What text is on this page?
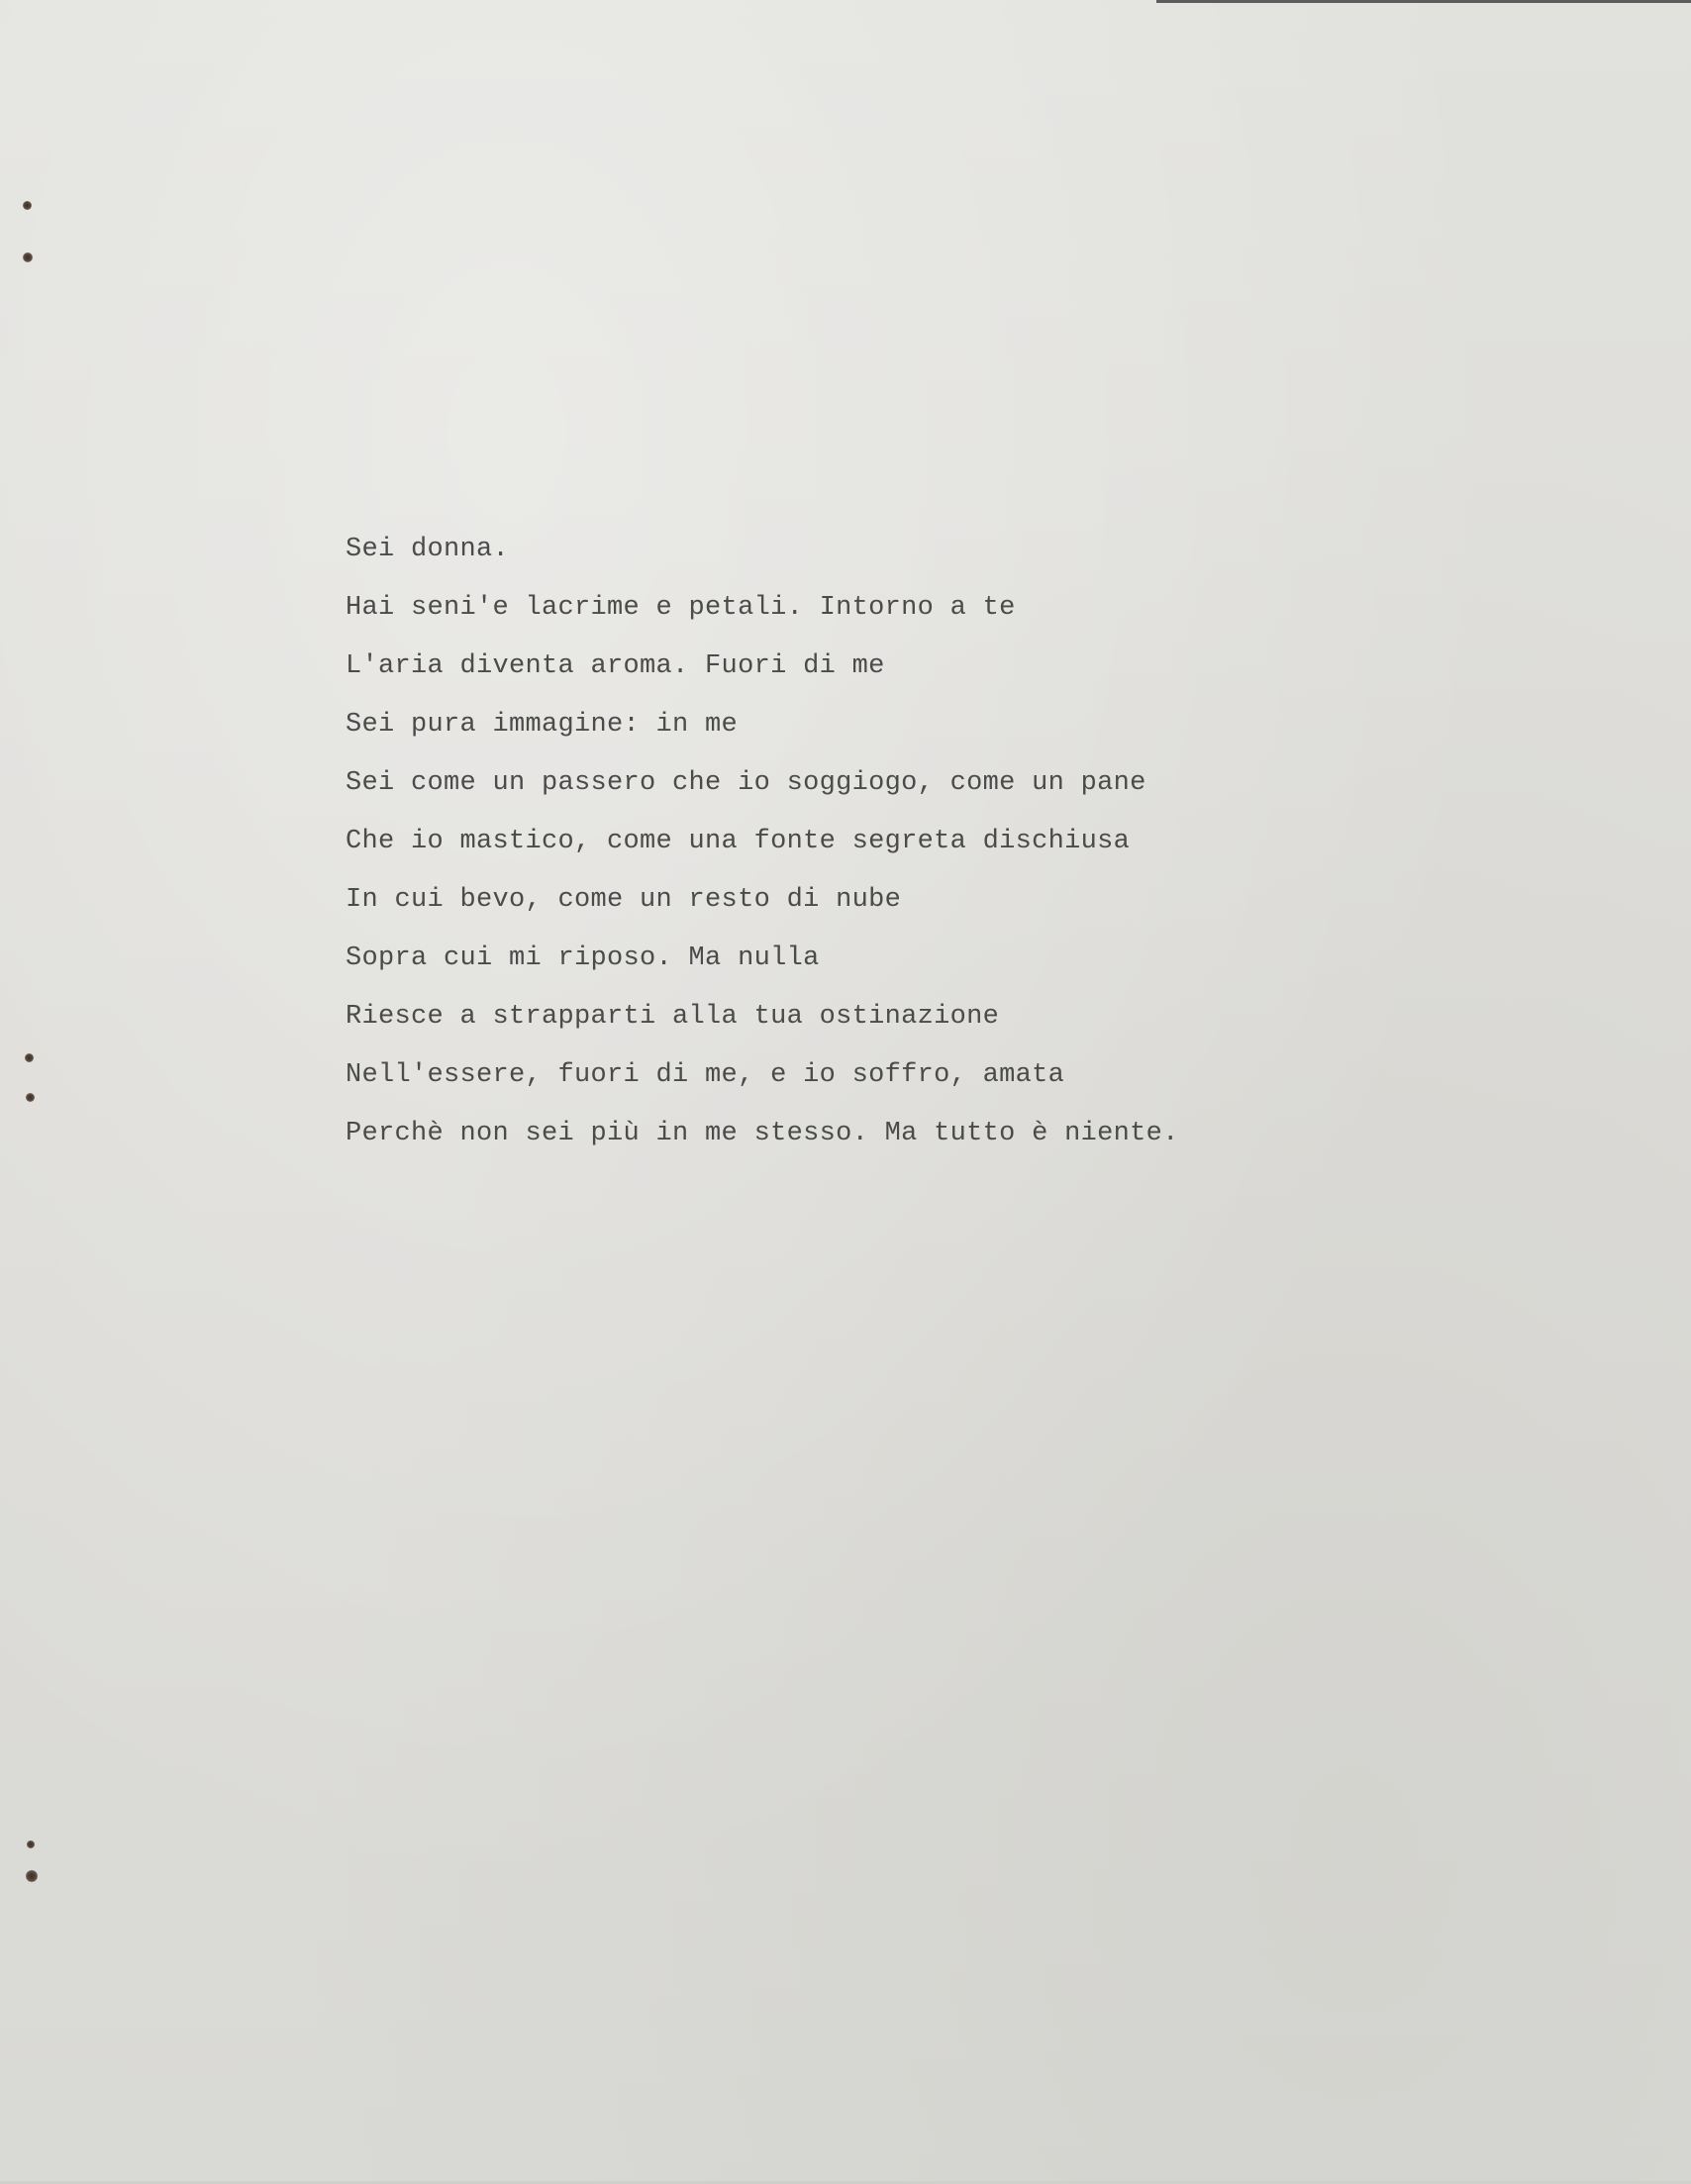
Sei donna.
Hai seni'e lacrime e petali. Intorno a te
L'aria diventa aroma. Fuori di me
Sei pura immagine: in me
Sei come un passero che io soggiogo, come un pane
Che io mastico, come una fonte segreta dischiusa
In cui bevo, come un resto di nube
Sopra cui mi riposo. Ma nulla
Riesce a strapparti alla tua ostinazione
Nell'essere, fuori di me, e io soffro, amata
Perchè non sei più in me stesso. Ma tutto è niente.
